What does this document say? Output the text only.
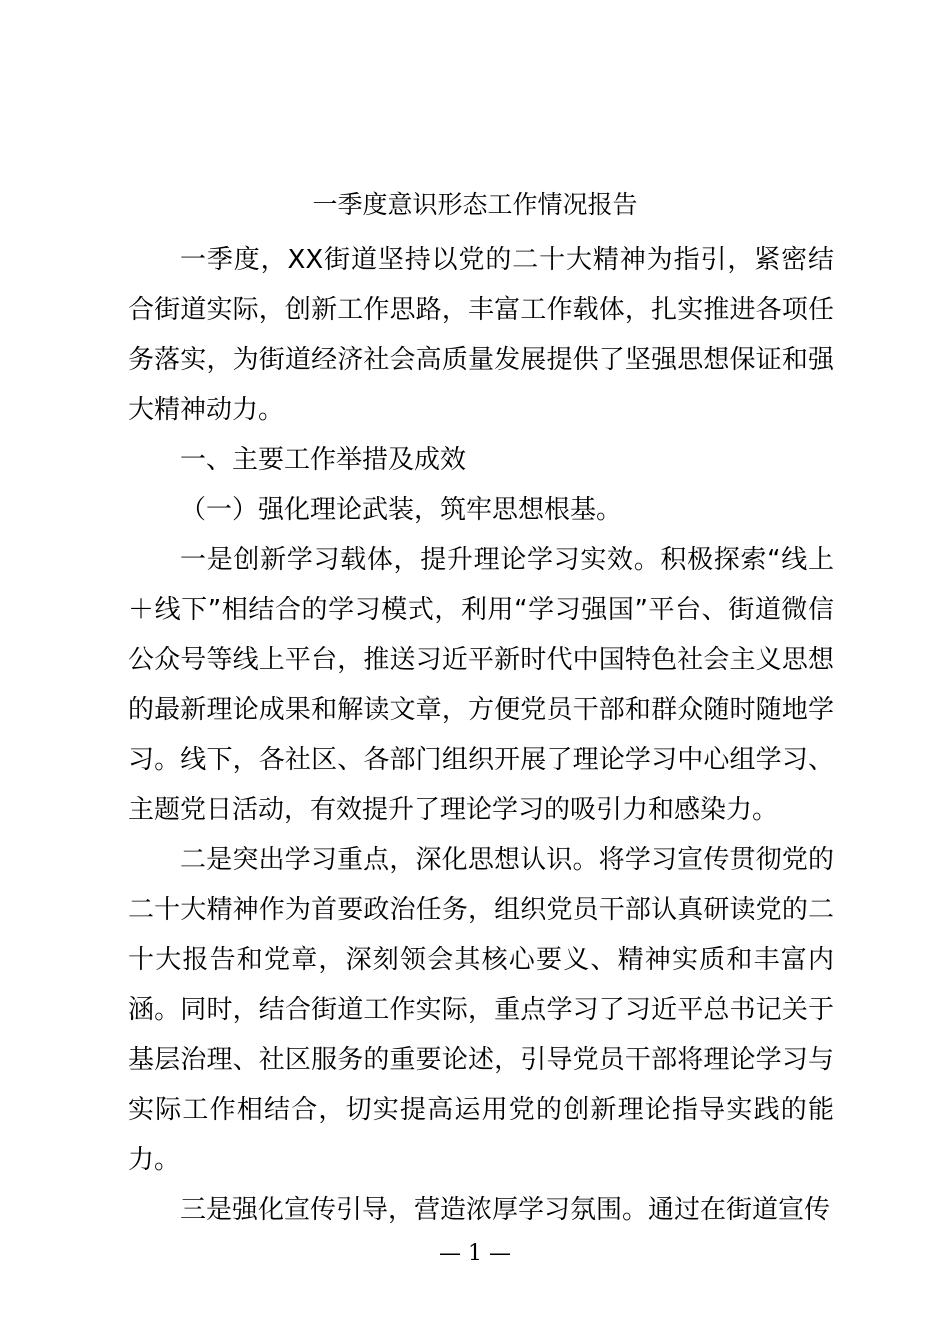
一季度意识形态工作情况报告

一季度，XX街道坚持以党的二十大精神为指引，紧密结合街道实际，创新工作思路，丰富工作载体，扎实推进各项任务落实，为街道经济社会高质量发展提供了坚强思想保证和强大精神动力。

一、主要工作举措及成效

（一）强化理论武装，筑牢思想根基。

一是创新学习载体，提升理论学习实效。积极探索“线上＋线下”相结合的学习模式，利用“学习强国”平台、街道微信公众号等线上平台，推送习近平新时代中国特色社会主义思想的最新理论成果和解读文章，方便党员干部和群众随时随地学习。线下，各社区、各部门组织开展了理论学习中心组学习、主题党日活动，有效提升了理论学习的吸引力和感染力。

二是突出学习重点，深化思想认识。将学习宣传贯彻党的二十大精神作为首要政治任务，组织党员干部认真研读党的二十大报告和党章，深刻领会其核心要义、精神实质和丰富内涵。同时，结合街道工作实际，重点学习了习近平总书记关于基层治理、社区服务的重要论述，引导党员干部将理论学习与实际工作相结合，切实提高运用党的创新理论指导实践的能力。

三是强化宣传引导，营造浓厚学习氛围。通过在街道宣传

— 1 —
